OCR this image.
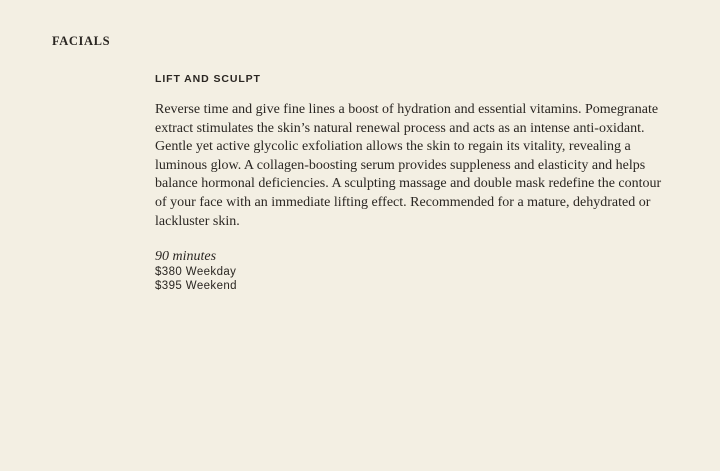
FACIALS
LIFT AND SCULPT

Reverse time and give fine lines a boost of hydration and essential vitamins. Pomegranate extract stimulates the skin’s natural renewal process and acts as an intense anti-oxidant. Gentle yet active glycolic exfoliation allows the skin to regain its vitality, revealing a luminous glow. A collagen-boosting serum provides suppleness and elasticity and helps balance hormonal deficiencies. A sculpting massage and double mask redefine the contour of your face with an immediate lifting effect. Recommended for a mature, dehydrated or lackluster skin.

90 minutes
$380 Weekday
$395 Weekend
